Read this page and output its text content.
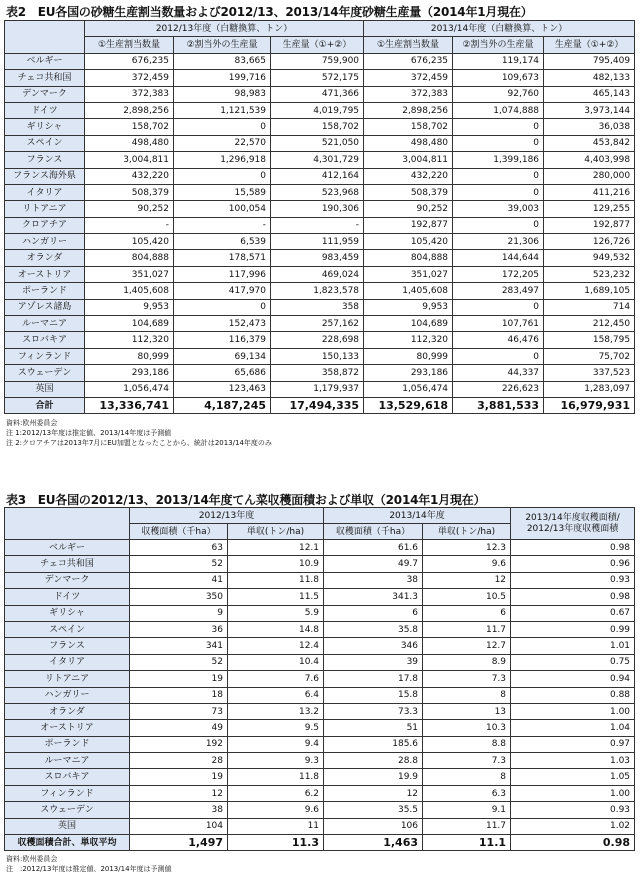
表2　EU各国の砂糖生産割当数量および2012/13、2013/14年度砂糖生産量（2014年1月現在）
	2012/13年度（白糖換算、トン）			2013/14年度（白糖換算、トン）		
	①生産割当数量	②割当外の生産量	生産量（①+②）	①生産割当数量	②割当外の生産量	生産量（①+②）
ベルギー	676,235	83,665	759,900	676,235	119,174	795,409
チェコ共和国	372,459	199,716	572,175	372,459	109,673	482,133
デンマーク	372,383	98,983	471,366	372,383	92,760	465,143
ドイツ	2,898,256	1,121,539	4,019,795	2,898,256	1,074,888	3,973,144
ギリシャ	158,702	0	158,702	158,702	0	36,038
スペイン	498,480	22,570	521,050	498,480	0	453,842
フランス	3,004,811	1,296,918	4,301,729	3,004,811	1,399,186	4,403,998
フランス海外県	432,220	0	412,164	432,220	0	280,000
イタリア	508,379	15,589	523,968	508,379	0	411,216
リトアニア	90,252	100,054	190,306	90,252	39,003	129,255
クロアチア	-	-	-	192,877	0	192,877
ハンガリー	105,420	6,539	111,959	105,420	21,306	126,726
オランダ	804,888	178,571	983,459	804,888	144,644	949,532
オーストリア	351,027	117,996	469,024	351,027	172,205	523,232
ポーランド	1,405,608	417,970	1,823,578	1,405,608	283,497	1,689,105
アゾレス諸島	9,953	0	358	9,953	0	714
ルーマニア	104,689	152,473	257,162	104,689	107,761	212,450
スロバキア	112,320	116,379	228,698	112,320	46,476	158,795
フィンランド	80,999	69,134	150,133	80,999	0	75,702
スウェーデン	293,186	65,686	358,872	293,186	44,337	337,523
英国	1,056,474	123,463	1,179,937	1,056,474	226,623	1,283,097
合計	13,336,741	4,187,245	17,494,335	13,529,618	3,881,533	16,979,931
資料:欧州委員会
注 1:2012/13年度は推定値、2013/14年度は予測値
注 2:クロアチアは2013年7月にEU加盟となったことから、統計は2013/14年度のみ
表3　EU各国の2012/13、2013/14年度てん菜収穫面積および単収（2014年1月現在）
	2012/13年度		2013/14年度		2013/14年度収穫面積/
2012/13年度収穫面積
	収穫面積（千ha）	単収(トン/ha)	収穫面積（千ha）	単収(トン/ha)	
ベルギー	63	12.1	61.6	12.3	0.98
チェコ共和国	52	10.9	49.7	9.6	0.96
デンマーク	41	11.8	38	12	0.93
ドイツ	350	11.5	341.3	10.5	0.98
ギリシャ	9	5.9	6	6	0.67
スペイン	36	14.8	35.8	11.7	0.99
フランス	341	12.4	346	12.7	1.01
イタリア	52	10.4	39	8.9	0.75
リトアニア	19	7.6	17.8	7.3	0.94
ハンガリー	18	6.4	15.8	8	0.88
オランダ	73	13.2	73.3	13	1.00
オーストリア	49	9.5	51	10.3	1.04
ポーランド	192	9.4	185.6	8.8	0.97
ルーマニア	28	9.3	28.8	7.3	1.03
スロバキア	19	11.8	19.9	8	1.05
フィンランド	12	6.2	12	6.3	1.00
スウェーデン	38	9.6	35.5	9.1	0.93
英国	104	11	106	11.7	1.02
収穫面積合計、単収平均	1,497	11.3	1,463	11.1	0.98
資料:欧州委員会
注　:2012/13年度は推定値、2013/14年度は予測値
